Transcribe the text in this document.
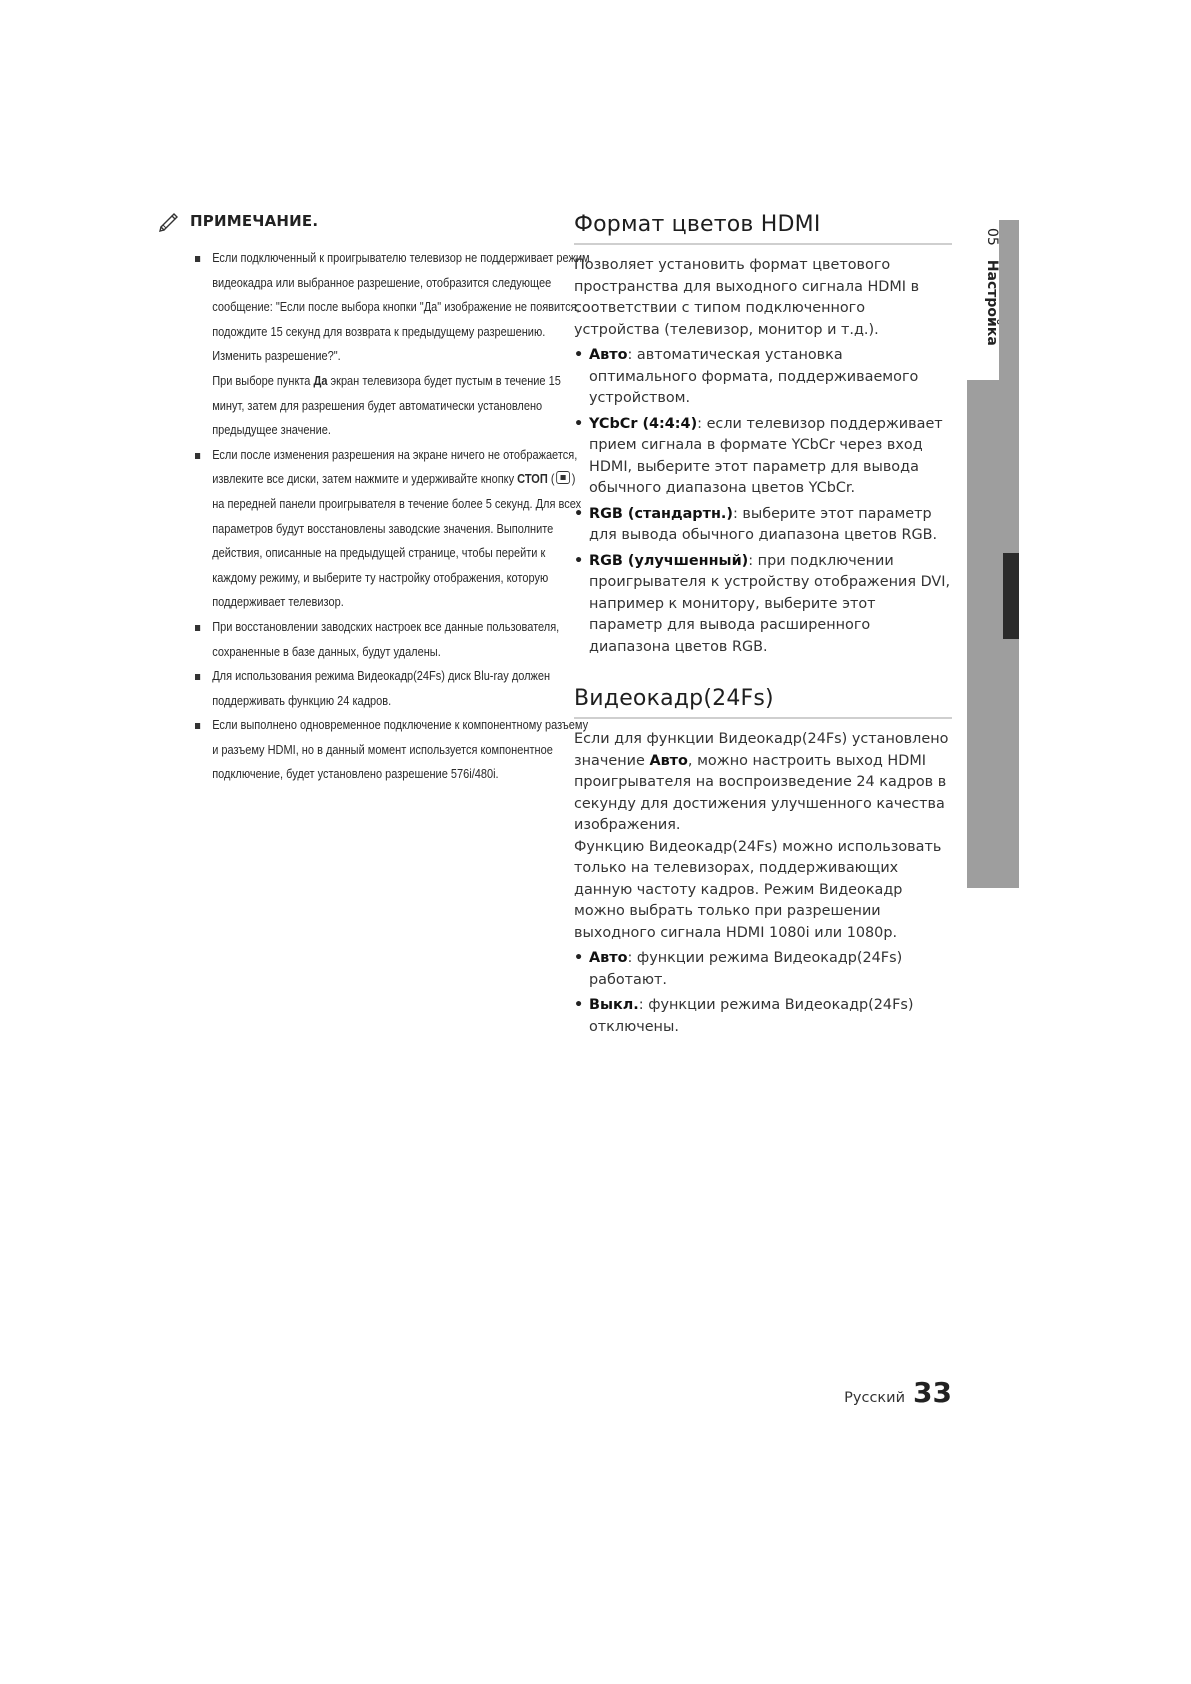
ПРИМЕЧАНИЕ.
Если подключенный к проигрывателю телевизор не поддерживает режим видеокадра или выбранное разрешение, отобразится следующее сообщение: "Если после выбора кнопки "Да" изображение не появится, подождите 15 секунд для возврата к предыдущему разрешению. Изменить разрешение?".
При выборе пункта Да экран телевизора будет пустым в течение 15 минут, затем для разрешения будет автоматически установлено предыдущее значение.
Если после изменения разрешения на экране ничего не отображается, извлеките все диски, затем нажмите и удерживайте кнопку СТОП ( ) на передней панели проигрывателя в течение более 5 секунд. Для всех параметров будут восстановлены заводские значения. Выполните действия, описанные на предыдущей странице, чтобы перейти к каждому режиму, и выберите ту настройку отображения, которую поддерживает телевизор.
При восстановлении заводских настроек все данные пользователя, сохраненные в базе данных, будут удалены.
Для использования режима Видеокадр(24Fs) диск Blu-ray должен поддерживать функцию 24 кадров.
Если выполнено одновременное подключение к компонентному разъему и разъему HDMI, но в данный момент используется компонентное подключение, будет установлено разрешение 576i/480i.
Формат цветов HDMI

Позволяет установить формат цветового пространства для выходного сигнала HDMI в соответствии с типом подключенного устройства (телевизор, монитор и т.д.).

• Авто: автоматическая установка оптимального формата, поддерживаемого устройством.
• YCbCr (4:4:4): если телевизор поддерживает прием сигнала в формате YCbCr через вход HDMI, выберите этот параметр для вывода обычного диапазона цветов YCbCr.
• RGB (стандартн.): выберите этот параметр для вывода обычного диапазона цветов RGB.
• RGB (улучшенный): при подключении проигрывателя к устройству отображения DVI, например к монитору, выберите этот параметр для вывода расширенного диапазона цветов RGB.
Видеокадр(24Fs)

Если для функции Видеокадр(24Fs) установлено значение Авто, можно настроить выход HDMI проигрывателя на воспроизведение 24 кадров в секунду для достижения улучшенного качества изображения.

Функцию Видеокадр(24Fs) можно использовать только на телевизорах, поддерживающих данную частоту кадров. Режим Видеокадр можно выбрать только при разрешении выходного сигнала HDMI 1080i или 1080p.

• Авто: функции режима Видеокадр(24Fs) работают.
• Выкл.: функции режима Видеокадр(24Fs) отключены.
05Настройка
Русский 33
